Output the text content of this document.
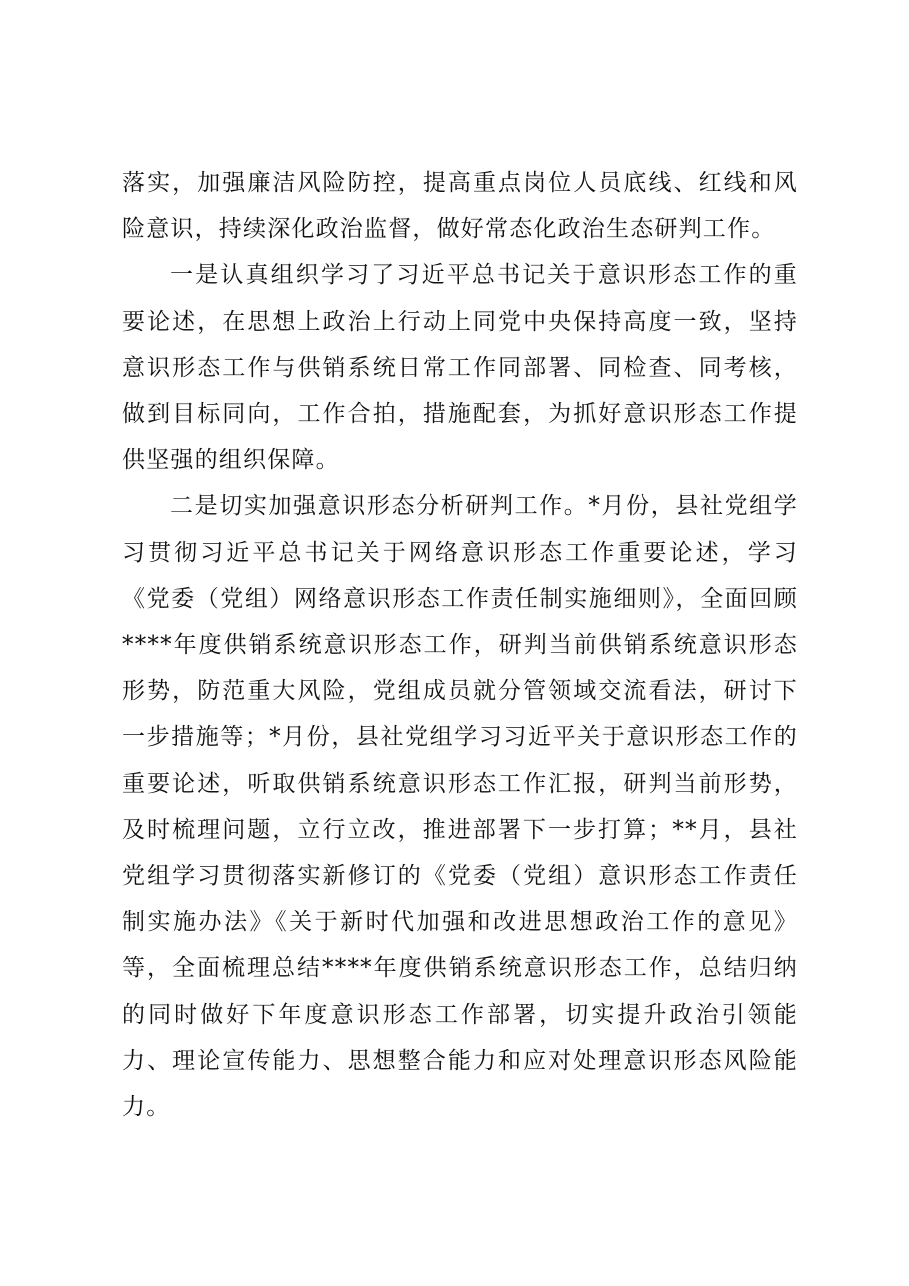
落实，加强廉洁风险防控，提高重点岗位人员底线、红线和风险意识，持续深化政治监督，做好常态化政治生态研判工作。

一是认真组织学习了习近平总书记关于意识形态工作的重要论述，在思想上政治上行动上同党中央保持高度一致，坚持意识形态工作与供销系统日常工作同部署、同检查、同考核，做到目标同向，工作合拍，措施配套，为抓好意识形态工作提供坚强的组织保障。

二是切实加强意识形态分析研判工作。*月份，县社党组学习贯彻习近平总书记关于网络意识形态工作重要论述，学习《党委（党组）网络意识形态工作责任制实施细则》，全面回顾****年度供销系统意识形态工作，研判当前供销系统意识形态形势，防范重大风险，党组成员就分管领域交流看法，研讨下一步措施等；*月份，县社党组学习习近平关于意识形态工作的重要论述，听取供销系统意识形态工作汇报，研判当前形势，及时梳理问题，立行立改，推进部署下一步打算；**月，县社党组学习贯彻落实新修订的《党委（党组）意识形态工作责任制实施办法》《关于新时代加强和改进思想政治工作的意见》等，全面梳理总结****年度供销系统意识形态工作，总结归纳的同时做好下年度意识形态工作部署，切实提升政治引领能力、理论宣传能力、思想整合能力和应对处理意识形态风险能力。
